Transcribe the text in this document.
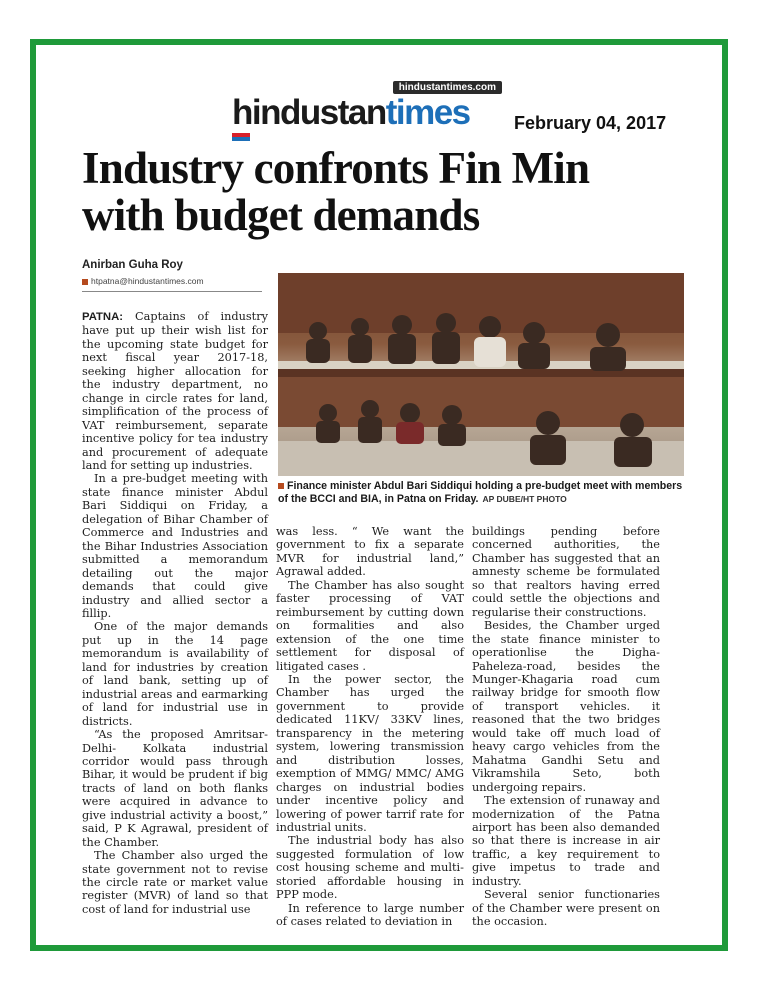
hindustantimes.com
hindustantimes February 04, 2017
Industry confronts Fin Min
with budget demands
Anirban Guha Roy
htpatna@hindustantimes.com

PATNA: Captains of industry have put up their wish list for the upcoming state budget for next fiscal year 2017-18, seeking higher allocation for the industry department, no change in circle rates for land, simplification of the process of VAT reimbursement, separate incentive policy for tea industry and procurement of adequate land for setting up industries.

In a pre-budget meeting with state finance minister Abdul Bari Siddiqui on Friday, a delegation of Bihar Chamber of Commerce and Industries and the Bihar Industries Association submitted a memorandum detailing out the major demands that could give industry and allied sector a fillip.

One of the major demands put up in the 14 page memorandum is availability of land for industries by creation of land bank, setting up of industrial areas and earmarking of land for industrial use in districts.

“As the proposed Amritsar-Delhi- Kolkata industrial corridor would pass through Bihar, it would be prudent if big tracts of land on both flanks were acquired in advance to give industrial activity a boost,” said, P K Agrawal, president of the Chamber.

The Chamber also urged the state government not to revise the circle rate or market value register (MVR) of land so that cost of land for industrial use

Finance minister Abdul Bari Siddiqui holding a pre-budget meet with members of the BCCI and BIA, in Patna on Friday. AP DUBE/HT PHOTO

was less. “ We want the government to fix a separate MVR for industrial land,” Agrawal added.

The Chamber has also sought faster processing of VAT reimbursement by cutting down on formalities and also extension of the one time settlement for disposal of litigated cases .

In the power sector, the Chamber has urged the government to provide dedicated 11KV/ 33KV lines, transparency in the metering system, lowering transmission and distribution losses, exemption of MMG/ MMC/ AMG charges on industrial bodies under incentive policy and lowering of power tarrif rate for industrial units.

The industrial body has also suggested formulation of low cost housing scheme and multi-storied affordable housing in PPP mode.

In reference to large number of cases related to deviation in

buildings pending before concerned authorities, the Chamber has suggested that an amnesty scheme be formulated so that realtors having erred could settle the objections and regularise their constructions.

Besides, the Chamber urged the state finance minister to operationlise the Digha-Paheleza-road, besides the Munger-Khagaria road cum railway bridge for smooth flow of transport vehicles. it reasoned that the two bridges would take off much load of heavy cargo vehicles from the Mahatma Gandhi Setu and Vikramshila Seto, both undergoing repairs.

The extension of runaway and modernization of the Patna airport has been also demanded so that there is increase in air traffic, a key requirement to give impetus to trade and industry.

Several senior functionaries of the Chamber were present on the occasion.
